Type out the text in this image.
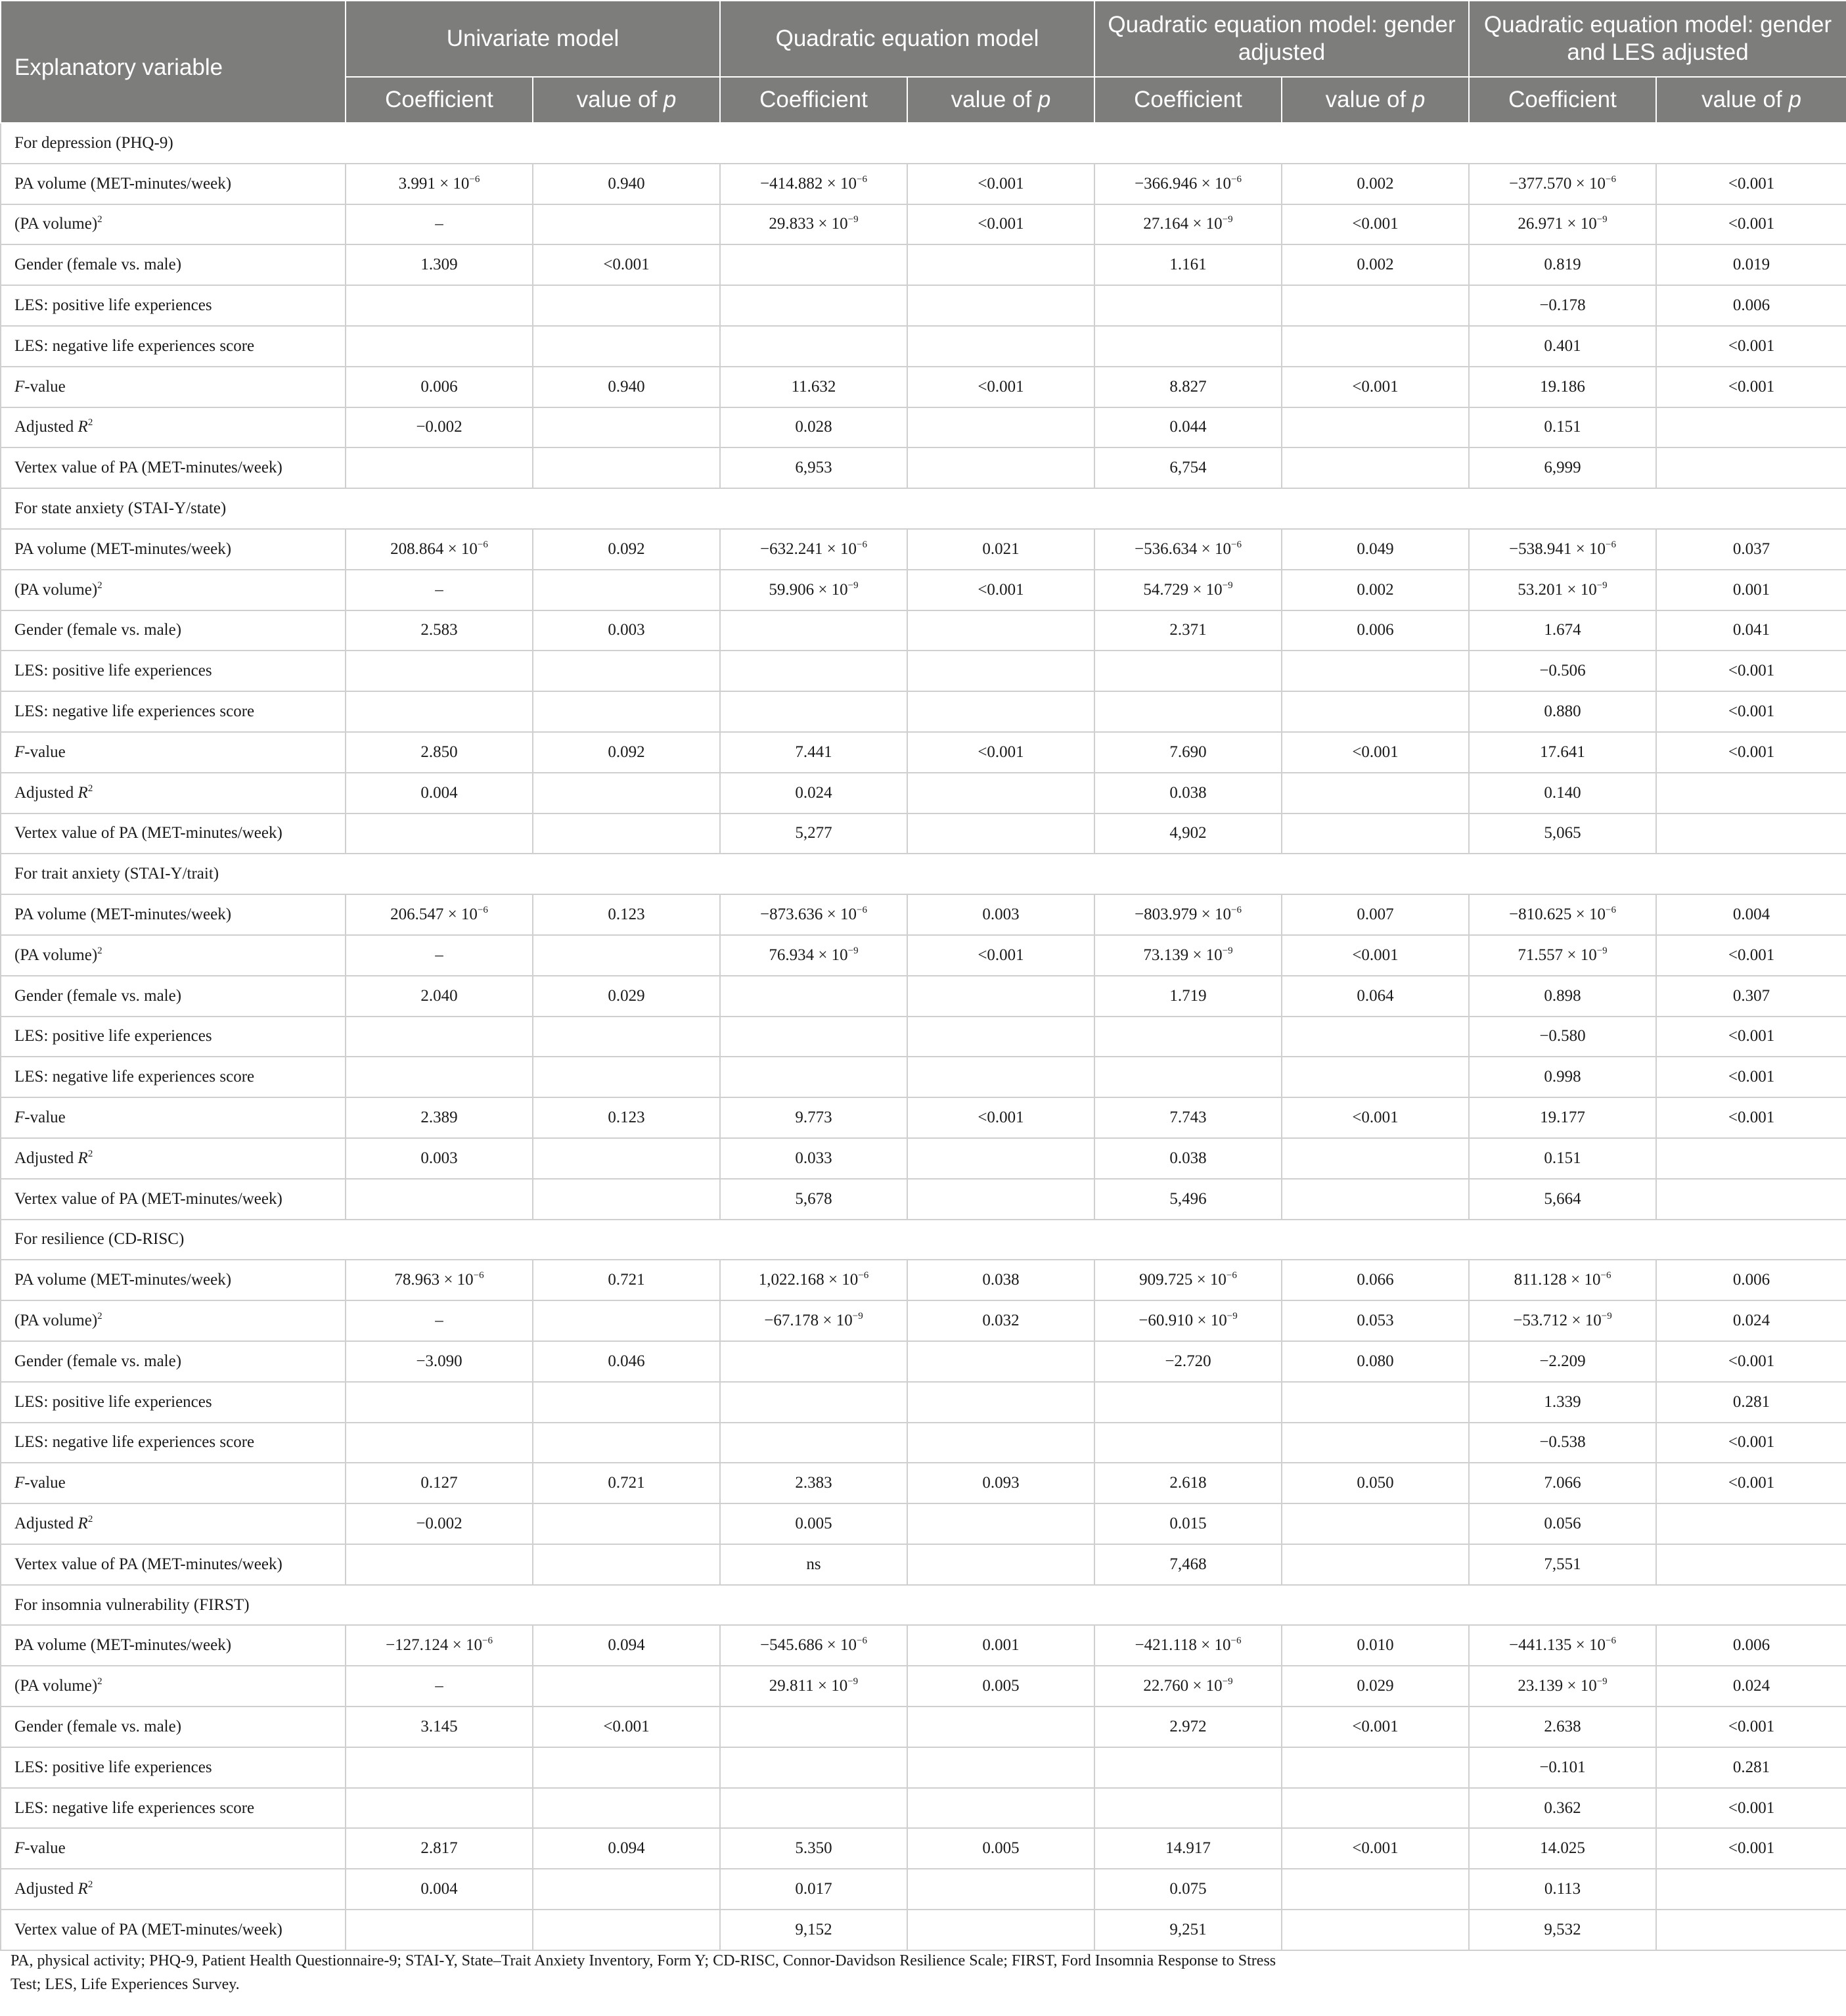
Explanatory variable	Univariate model		Quadratic equation model		Quadratic equation model: gender adjusted		Quadratic equation model: gender and LES adjusted	
	Coefficient	value of p	Coefficient	value of p	Coefficient	value of p	Coefficient	value of p
For depression (PHQ-9)								
PA volume (MET-minutes/week)	$3.991 \times 10^{-6}$	0.940	$-414.882 \times 10^{-6}$	<0.001	$-366.946 \times 10^{-6}$	0.002	$-377.570 \times 10^{-6}$	<0.001
(PA volume)$^2$	–		$29.833 \times 10^{-9}$	<0.001	$27.164 \times 10^{-9}$	<0.001	$26.971 \times 10^{-9}$	<0.001
Gender (female vs. male)	1.309	<0.001			1.161	0.002	0.819	0.019
LES: positive life experiences							−0.178	0.006
LES: negative life experiences score							0.401	<0.001
F-value	0.006	0.940	11.632	<0.001	8.827	<0.001	19.186	<0.001
Adjusted $R^2$	−0.002		0.028		0.044		0.151	
Vertex value of PA (MET-minutes/week)			6,953		6,754		6,999	
For state anxiety (STAI-Y/state)								
PA volume (MET-minutes/week)	$208.864 \times 10^{-6}$	0.092	$-632.241 \times 10^{-6}$	0.021	$-536.634 \times 10^{-6}$	0.049	$-538.941 \times 10^{-6}$	0.037
(PA volume)$^2$	–		$59.906 \times 10^{-9}$	<0.001	$54.729 \times 10^{-9}$	0.002	$53.201 \times 10^{-9}$	0.001
Gender (female vs. male)	2.583	0.003			2.371	0.006	1.674	0.041
LES: positive life experiences							−0.506	<0.001
LES: negative life experiences score							0.880	<0.001
F-value	2.850	0.092	7.441	<0.001	7.690	<0.001	17.641	<0.001
Adjusted $R^2$	0.004		0.024		0.038		0.140	
Vertex value of PA (MET-minutes/week)			5,277		4,902		5,065	
For trait anxiety (STAI-Y/trait)								
PA volume (MET-minutes/week)	$206.547 \times 10^{-6}$	0.123	$-873.636 \times 10^{-6}$	0.003	$-803.979 \times 10^{-6}$	0.007	$-810.625 \times 10^{-6}$	0.004
(PA volume)$^2$	–		$76.934 \times 10^{-9}$	<0.001	$73.139 \times 10^{-9}$	<0.001	$71.557 \times 10^{-9}$	<0.001
Gender (female vs. male)	2.040	0.029			1.719	0.064	0.898	0.307
LES: positive life experiences							−0.580	<0.001
LES: negative life experiences score							0.998	<0.001
F-value	2.389	0.123	9.773	<0.001	7.743	<0.001	19.177	<0.001
Adjusted $R^2$	0.003		0.033		0.038		0.151	
Vertex value of PA (MET-minutes/week)			5,678		5,496		5,664	
For resilience (CD-RISC)								
PA volume (MET-minutes/week)	$78.963 \times 10^{-6}$	0.721	$1,022.168 \times 10^{-6}$	0.038	$909.725 \times 10^{-6}$	0.066	$811.128 \times 10^{-6}$	0.006
(PA volume)$^2$	–		$-67.178 \times 10^{-9}$	0.032	$-60.910 \times 10^{-9}$	0.053	$-53.712 \times 10^{-9}$	0.024
Gender (female vs. male)	−3.090	0.046			−2.720	0.080	−2.209	<0.001
LES: positive life experiences							1.339	0.281
LES: negative life experiences score							−0.538	<0.001
F-value	0.127	0.721	2.383	0.093	2.618	0.050	7.066	<0.001
Adjusted $R^2$	−0.002		0.005		0.015		0.056	
Vertex value of PA (MET-minutes/week)			ns		7,468		7,551	
For insomnia vulnerability (FIRST)								
PA volume (MET-minutes/week)	$-127.124 \times 10^{-6}$	0.094	$-545.686 \times 10^{-6}$	0.001	$-421.118 \times 10^{-6}$	0.010	$-441.135 \times 10^{-6}$	0.006
(PA volume)$^2$	–		$29.811 \times 10^{-9}$	0.005	$22.760 \times 10^{-9}$	0.029	$23.139 \times 10^{-9}$	0.024
Gender (female vs. male)	3.145	<0.001			2.972	<0.001	2.638	<0.001
LES: positive life experiences							−0.101	0.281
LES: negative life experiences score							0.362	<0.001
F-value	2.817	0.094	5.350	0.005	14.917	<0.001	14.025	<0.001
Adjusted $R^2$	0.004		0.017		0.075		0.113	
Vertex value of PA (MET-minutes/week)			9,152		9,251		9,532	
PA, physical activity; PHQ-9, Patient Health Questionnaire-9; STAI-Y, State–Trait Anxiety Inventory, Form Y; CD-RISC, Connor-Davidson Resilience Scale; FIRST, Ford Insomnia Response to Stress Test; LES, Life Experiences Survey.
